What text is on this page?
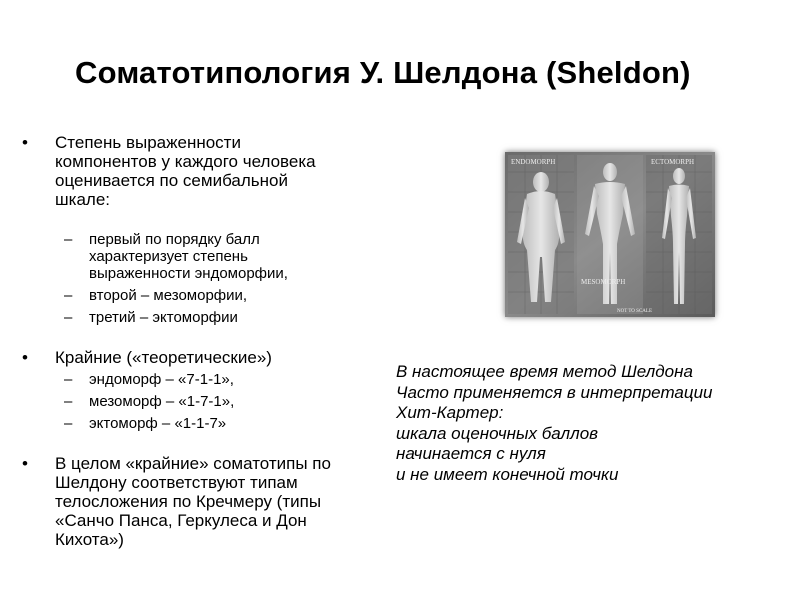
Соматотипология У. Шелдона (Sheldon)
• Степень выраженности
компонентов у каждого человека
оценивается по семибальной
шкале:
– первый по порядку балл
характеризует степень
выраженности эндоморфии,
– второй – мезоморфии,
– третий – эктоморфии
• Крайние («теоретические»)
– эндоморф – «7-1-1»,
– мезоморф – «1-7-1»,
– эктоморф – «1-1-7»
• В целом «крайние» соматотипы по
Шелдону соответствуют типам
телосложения по Кречмеру (типы
«Санчо Панса, Геркулеса и Дон
Кихота»)
ENDOMORPH	ECTOMORPH
MESOMORPH
NOT TO SCALE
В настоящее время метод Шелдона
Часто применяется в интерпретации
Хит-Картер:
шкала оценочных баллов
начинается с нуля
и не имеет конечной точки
